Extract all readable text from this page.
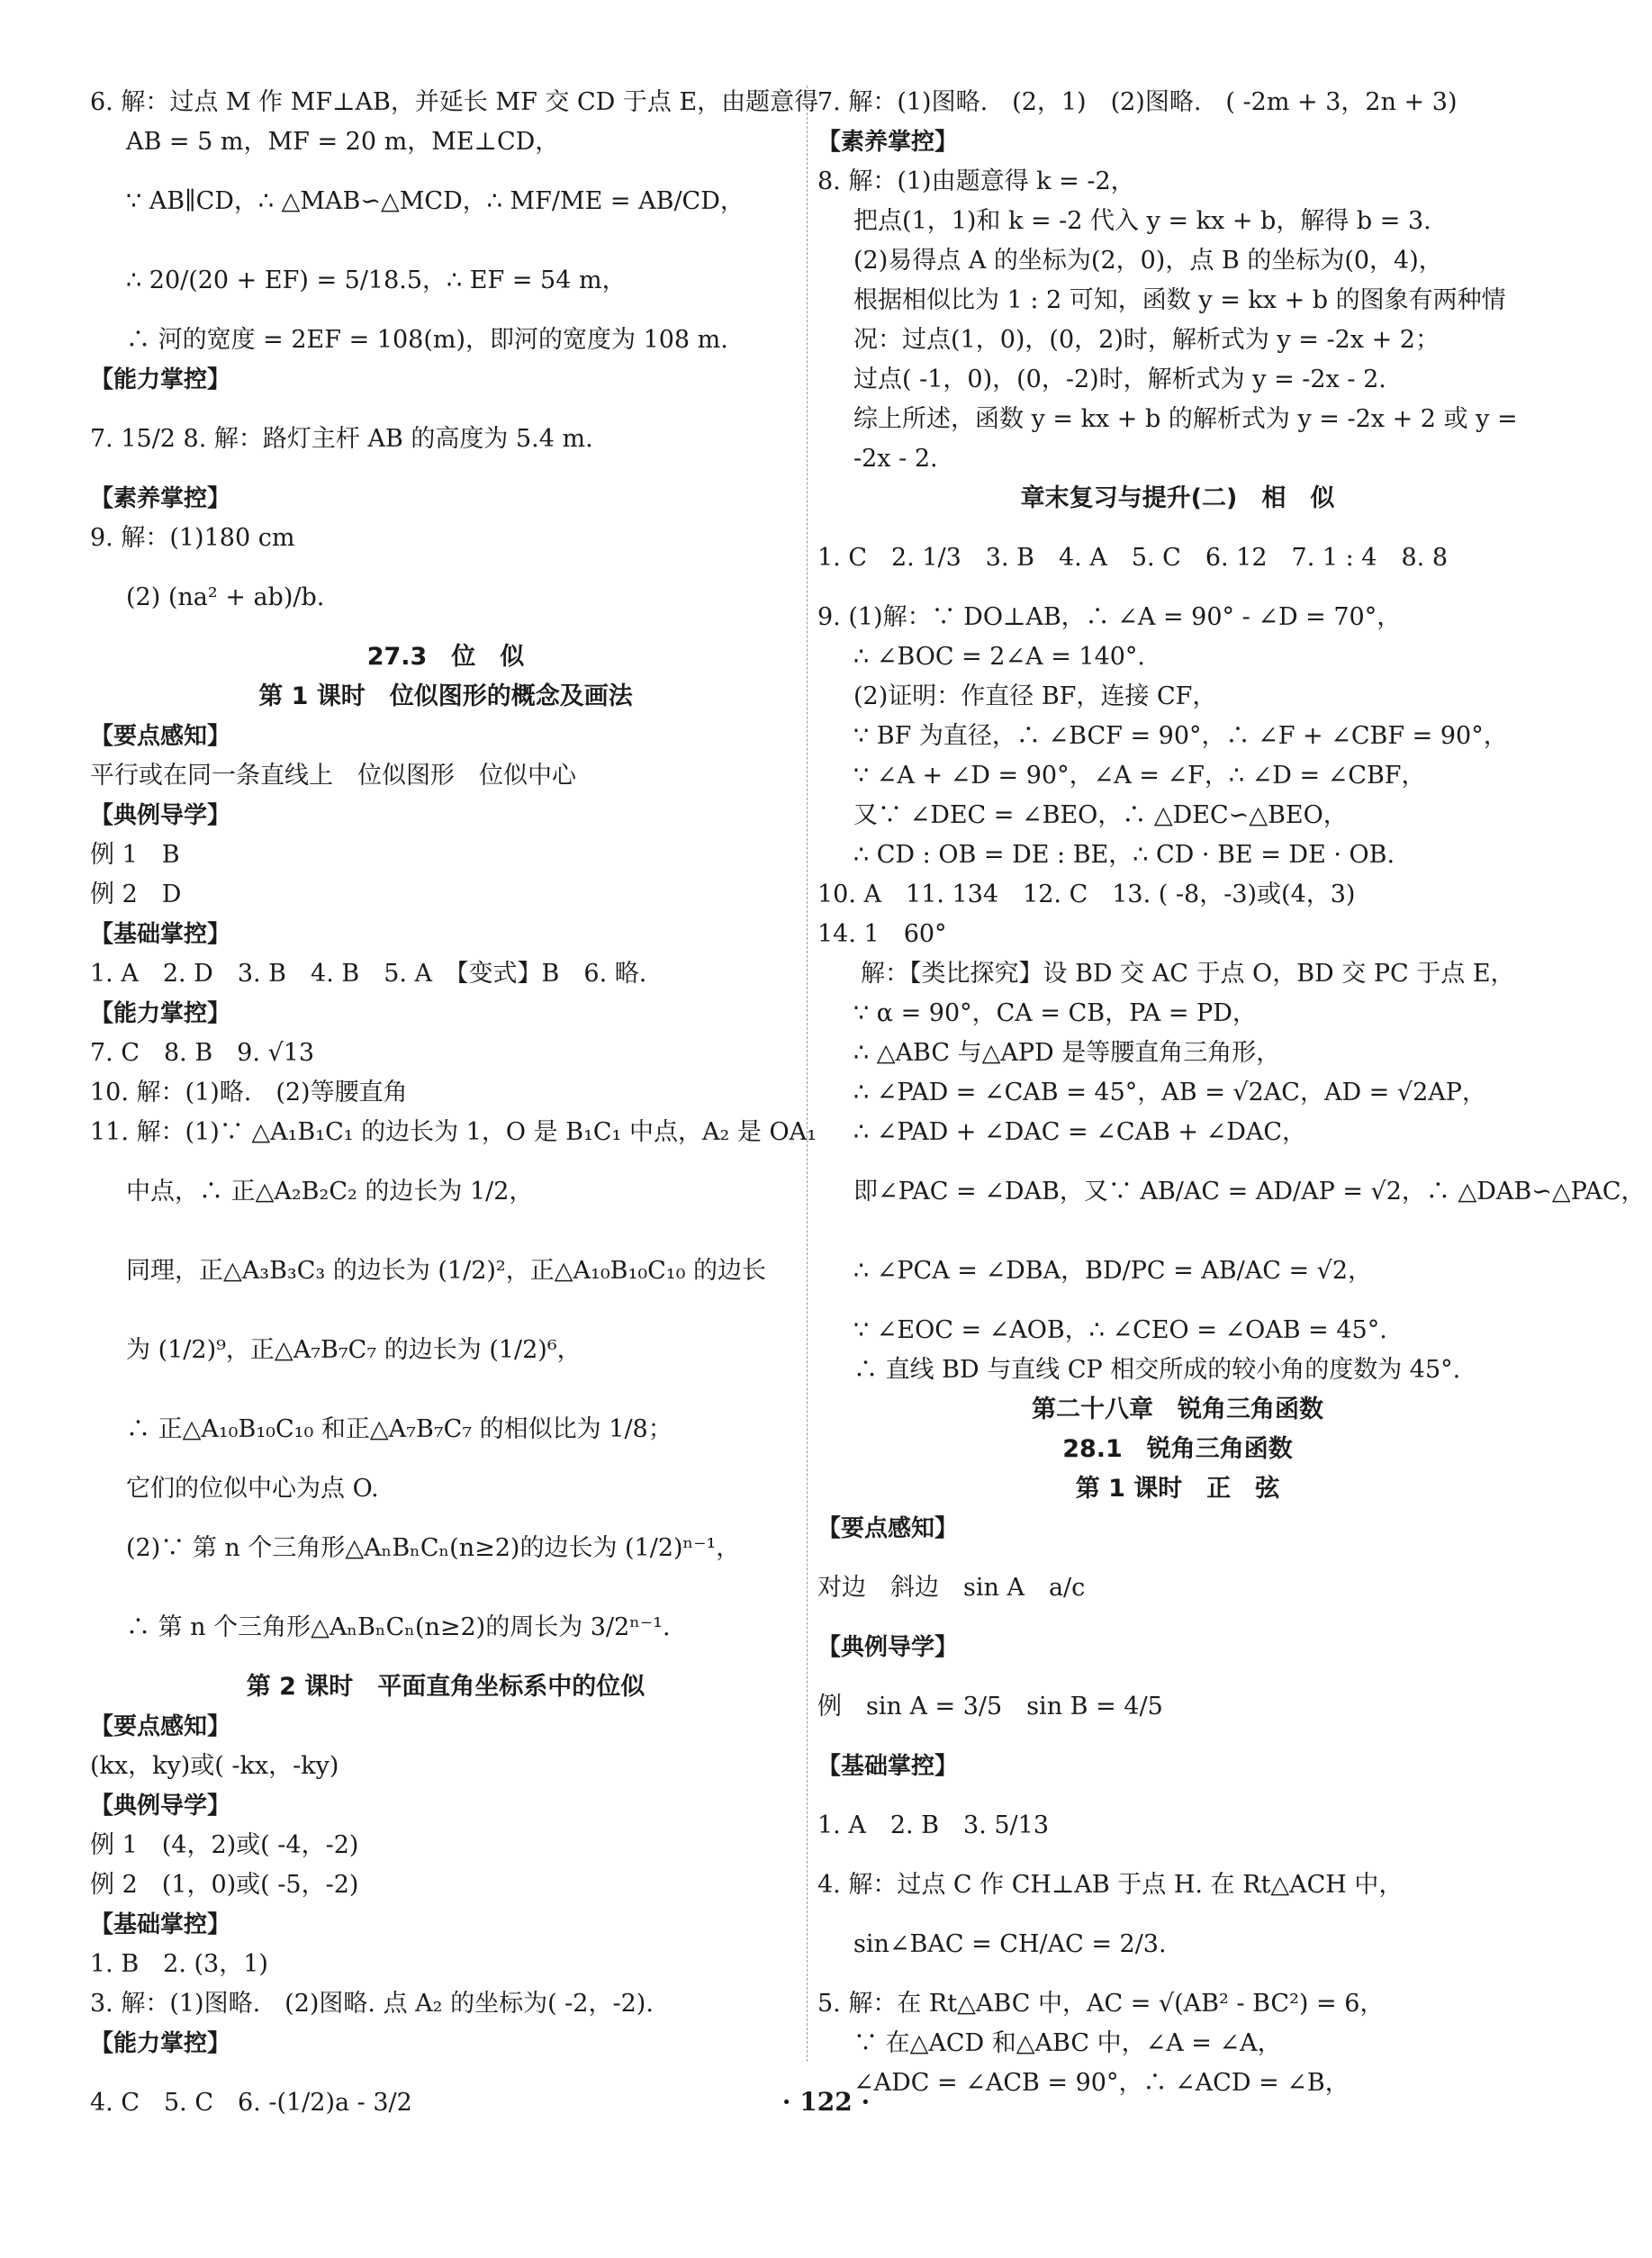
6. 解：过点 M 作 MF⊥AB，并延长 MF 交 CD 于点 E，由题意得
AB = 5 m，MF = 20 m，ME⊥CD，
∵ AB∥CD，∴ △MAB∽△MCD，∴ MF/ME = AB/CD，
∴ 20/(20 + EF) = 5/18.5，∴ EF = 54 m，
∴ 河的宽度 = 2EF = 108(m)，即河的宽度为 108 m.
【能力掌控】
7. 15/2 8. 解：路灯主杆 AB 的高度为 5.4 m.
【素养掌控】
9. 解：(1)180 cm
(2) (na² + ab)/b.
27.3　位　似
第 1 课时　位似图形的概念及画法
【要点感知】
平行或在同一条直线上　位似图形　位似中心
【典例导学】
例 1　B
例 2　D
【基础掌控】
1. A　2. D　3. B　4. B　5. A　【变式】B　6. 略.
【能力掌控】
7. C　8. B　9. √13
10. 解：(1)略.　(2)等腰直角
11. 解：(1)∵ △A₁B₁C₁ 的边长为 1，O 是 B₁C₁ 中点，A₂ 是 OA₁
中点，∴ 正△A₂B₂C₂ 的边长为 1/2，
同理，正△A₃B₃C₃ 的边长为 (1/2)²，正△A₁₀B₁₀C₁₀ 的边长
为 (1/2)⁹，正△A₇B₇C₇ 的边长为 (1/2)⁶，
∴ 正△A₁₀B₁₀C₁₀ 和正△A₇B₇C₇ 的相似比为 1/8；
它们的位似中心为点 O.
(2)∵ 第 n 个三角形△AₙBₙCₙ(n≥2)的边长为 (1/2)ⁿ⁻¹，
∴ 第 n 个三角形△AₙBₙCₙ(n≥2)的周长为 3/2ⁿ⁻¹.
第 2 课时　平面直角坐标系中的位似
【要点感知】
(kx，ky)或( -kx，-ky)
【典例导学】
例 1　(4，2)或( -4，-2)
例 2　(1，0)或( -5，-2)
【基础掌控】
1. B　2. (3，1)
3. 解：(1)图略.　(2)图略. 点 A₂ 的坐标为( -2，-2).
【能力掌控】
4. C　5. C　6. -(1/2)a - 3/2
7. 解：(1)图略.　(2，1)　(2)图略.　( -2m + 3，2n + 3)
【素养掌控】
8. 解：(1)由题意得 k = -2，
把点(1，1)和 k = -2 代入 y = kx + b，解得 b = 3.
(2)易得点 A 的坐标为(2，0)，点 B 的坐标为(0，4)，
根据相似比为 1 : 2 可知，函数 y = kx + b 的图象有两种情
况：过点(1，0)，(0，2)时，解析式为 y = -2x + 2；
过点( -1，0)，(0，-2)时，解析式为 y = -2x - 2.
综上所述，函数 y = kx + b 的解析式为 y = -2x + 2 或 y =
-2x - 2.
章末复习与提升(二)　相　似
1. C　2. 1/3　3. B　4. A　5. C　6. 12　7. 1 : 4　8. 8
9. (1)解：∵ DO⊥AB，∴ ∠A = 90° - ∠D = 70°，
∴ ∠BOC = 2∠A = 140°.
(2)证明：作直径 BF，连接 CF，
∵ BF 为直径，∴ ∠BCF = 90°，∴ ∠F + ∠CBF = 90°，
∵ ∠A + ∠D = 90°，∠A = ∠F，∴ ∠D = ∠CBF，
又∵ ∠DEC = ∠BEO，∴ △DEC∽△BEO，
∴ CD : OB = DE : BE，∴ CD · BE = DE · OB.
10. A　11. 134　12. C　13. ( -8，-3)或(4，3)
14. 1　60°
解：【类比探究】设 BD 交 AC 于点 O，BD 交 PC 于点 E，
∵ α = 90°，CA = CB，PA = PD，
∴ △ABC 与△APD 是等腰直角三角形，
∴ ∠PAD = ∠CAB = 45°，AB = √2AC，AD = √2AP，
∴ ∠PAD + ∠DAC = ∠CAB + ∠DAC，
即∠PAC = ∠DAB，又∵ AB/AC = AD/AP = √2，∴ △DAB∽△PAC，
∴ ∠PCA = ∠DBA，BD/PC = AB/AC = √2，
∵ ∠EOC = ∠AOB，∴ ∠CEO = ∠OAB = 45°.
∴ 直线 BD 与直线 CP 相交所成的较小角的度数为 45°.
第二十八章　锐角三角函数
28.1　锐角三角函数
第 1 课时　正　弦
【要点感知】
对边　斜边　sin A　a/c
【典例导学】
例　sin A = 3/5　sin B = 4/5
【基础掌控】
1. A　2. B　3. 5/13
4. 解：过点 C 作 CH⊥AB 于点 H. 在 Rt△ACH 中，
sin∠BAC = CH/AC = 2/3.
5. 解：在 Rt△ABC 中，AC = √(AB² - BC²) = 6，
∵ 在△ACD 和△ABC 中，∠A = ∠A，
∠ADC = ∠ACB = 90°，∴ ∠ACD = ∠B，
· 122 ·
